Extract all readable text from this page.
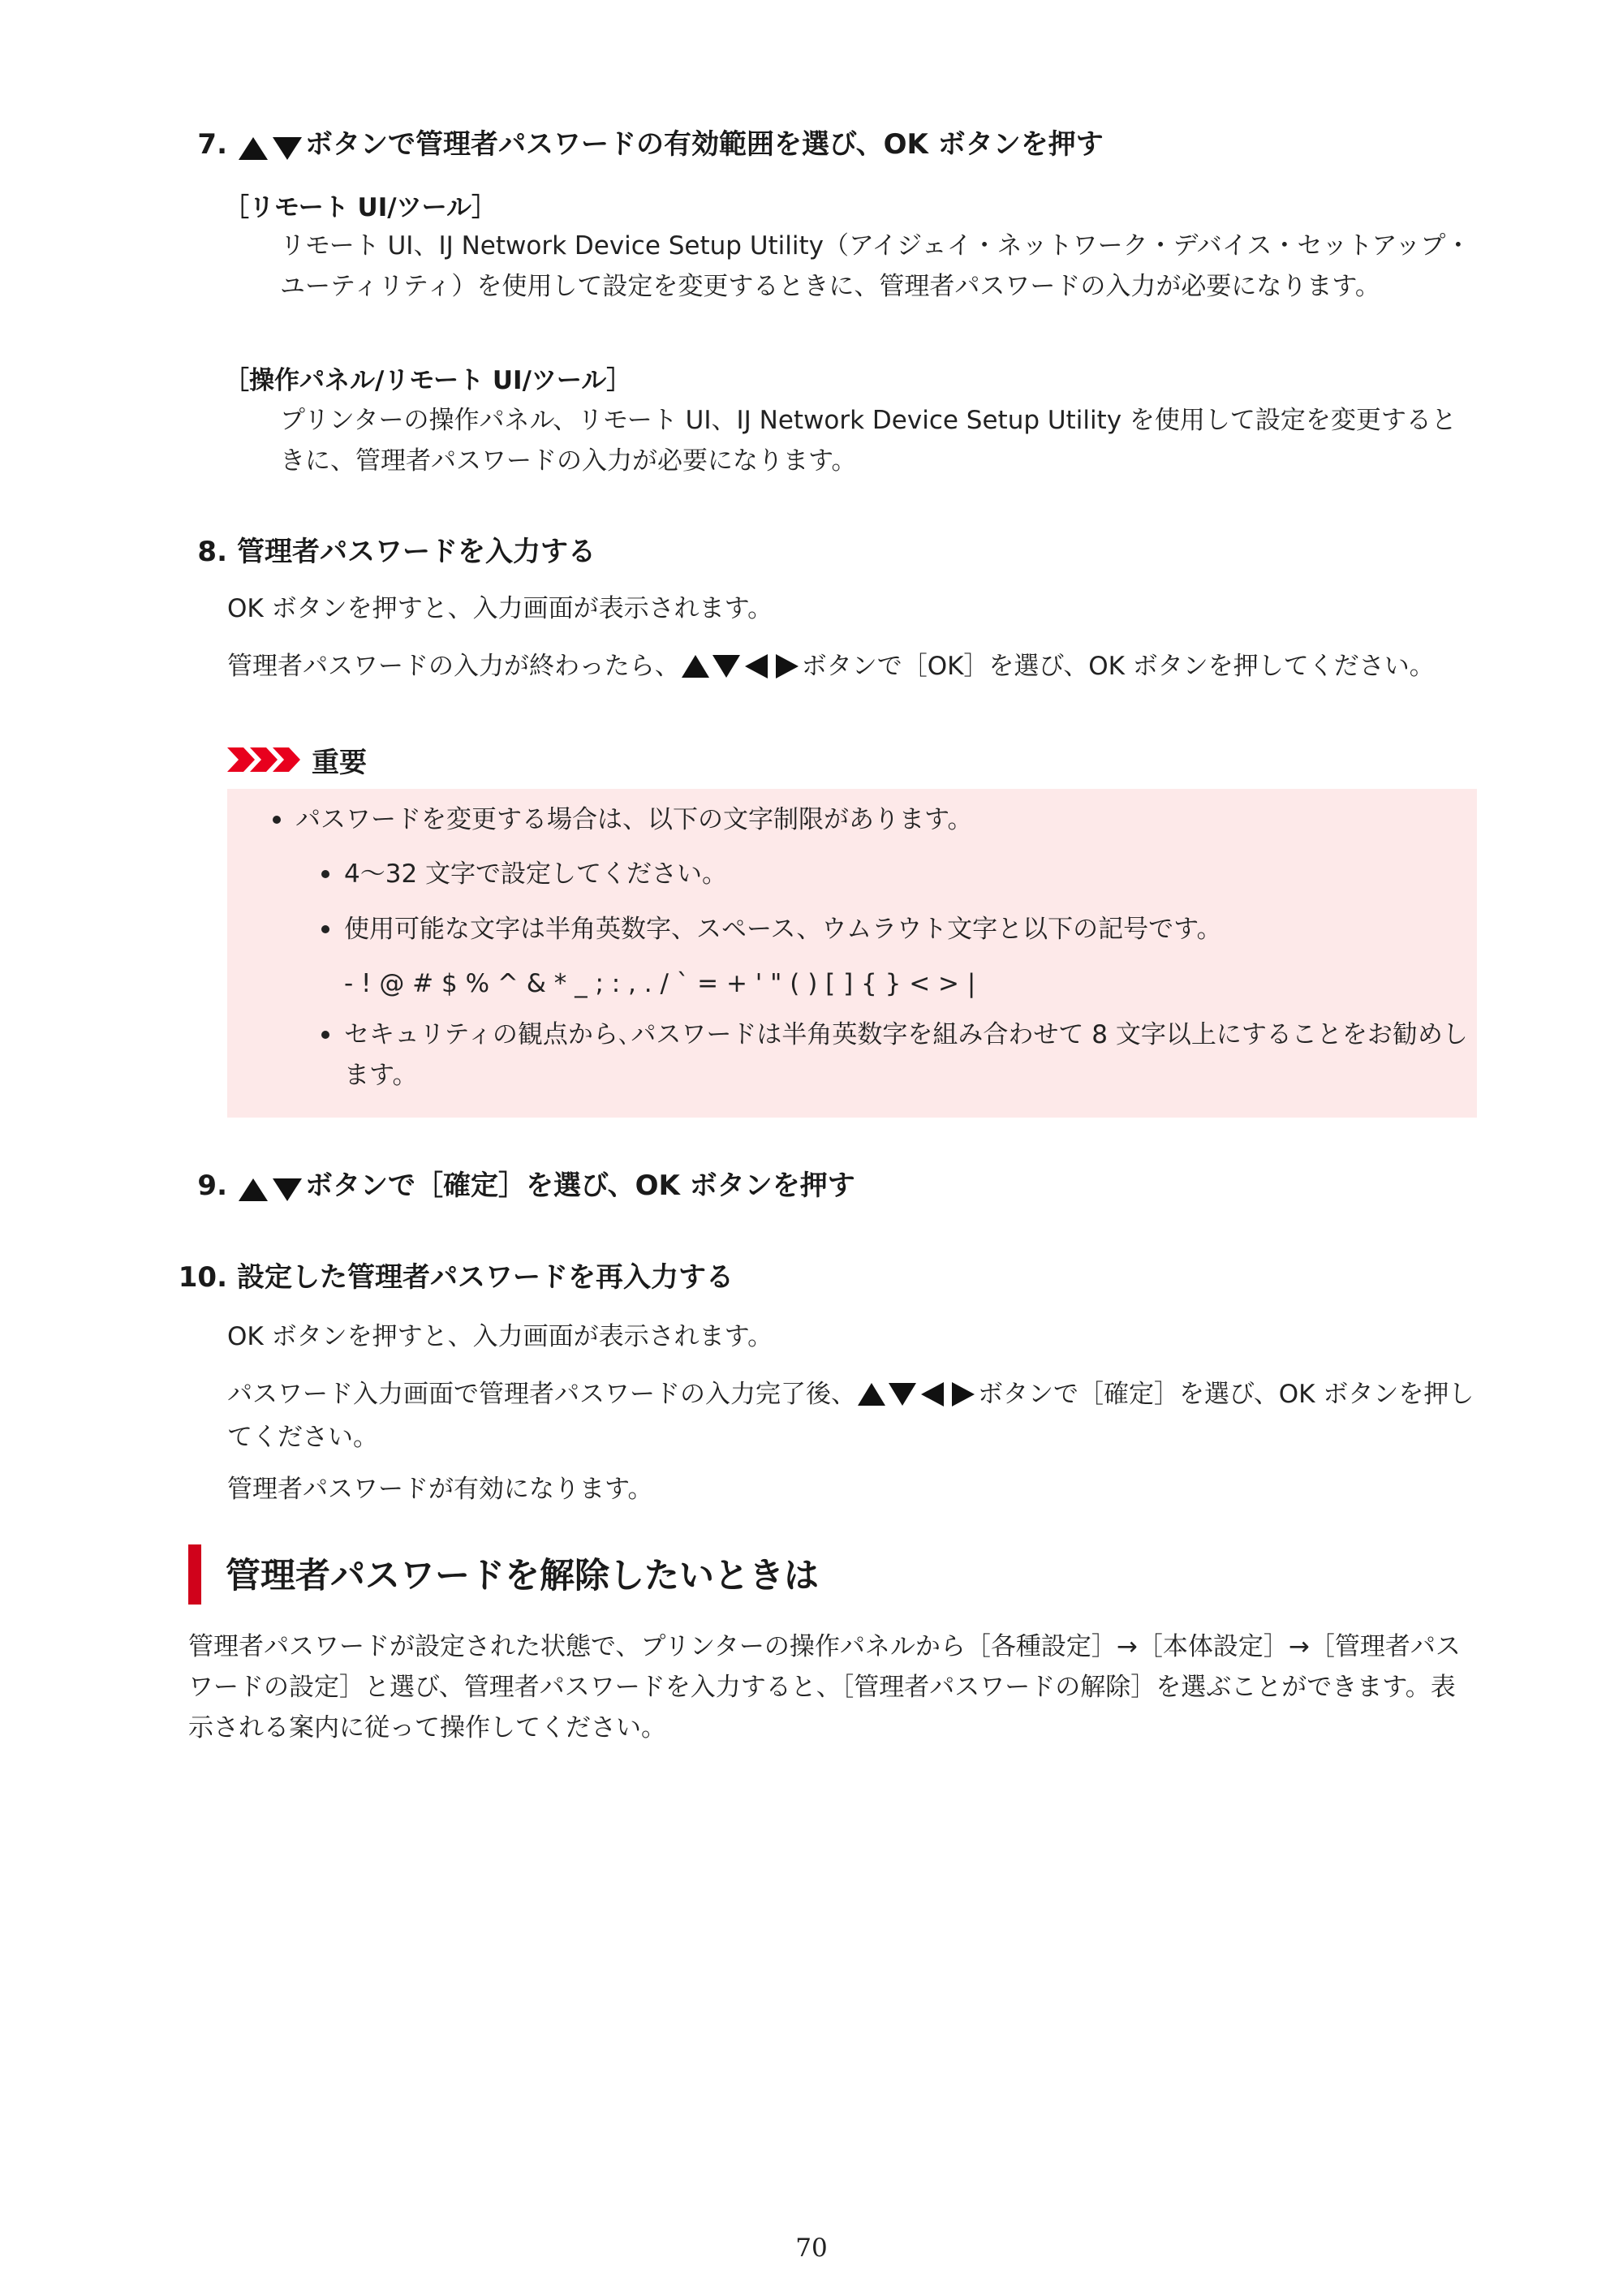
7.	ボタンで管理者パスワードの有効範囲を選び、OK ボタンを押す
［リモート UI/ツール］
リモート UI、IJ Network Device Setup Utility（アイジェイ・ネットワーク・デバイス・セットアップ・ユーティリティ）を使用して設定を変更するときに、管理者パスワードの入力が必要になります。
［操作パネル/リモート UI/ツール］
プリンターの操作パネル、リモート UI、IJ Network Device Setup Utility を使用して設定を変更するときに、管理者パスワードの入力が必要になります。
8. 管理者パスワードを入力する
OK ボタンを押すと、入力画面が表示されます。
管理者パスワードの入力が終わったら、	ボタンで［OK］を選び、OK ボタンを押してください。
重要
パスワードを変更する場合は、以下の文字制限があります。
4～32 文字で設定してください。
使用可能な文字は半角英数字、スペース、ウムラウト文字と以下の記号です。
- ! @ # $ % ^ & * _ ; : , . / ` = + ' " ( ) [ ] { } < > |
セキュリティの観点から､パスワードは半角英数字を組み合わせて 8 文字以上にすることをお勧めします。
9.	ボタンで［確定］を選び、OK ボタンを押す
10. 設定した管理者パスワードを再入力する
OK ボタンを押すと、入力画面が表示されます。
パスワード入力画面で管理者パスワードの入力完了後、	ボタンで［確定］を選び、OK ボタンを押してください。
管理者パスワードが有効になります。
管理者パスワードを解除したいときは
管理者パスワードが設定された状態で、プリンターの操作パネルから［各種設定］→［本体設定］→［管理者パスワードの設定］と選び、管理者パスワードを入力すると、［管理者パスワードの解除］を選ぶことができます。表示される案内に従って操作してください。
70
